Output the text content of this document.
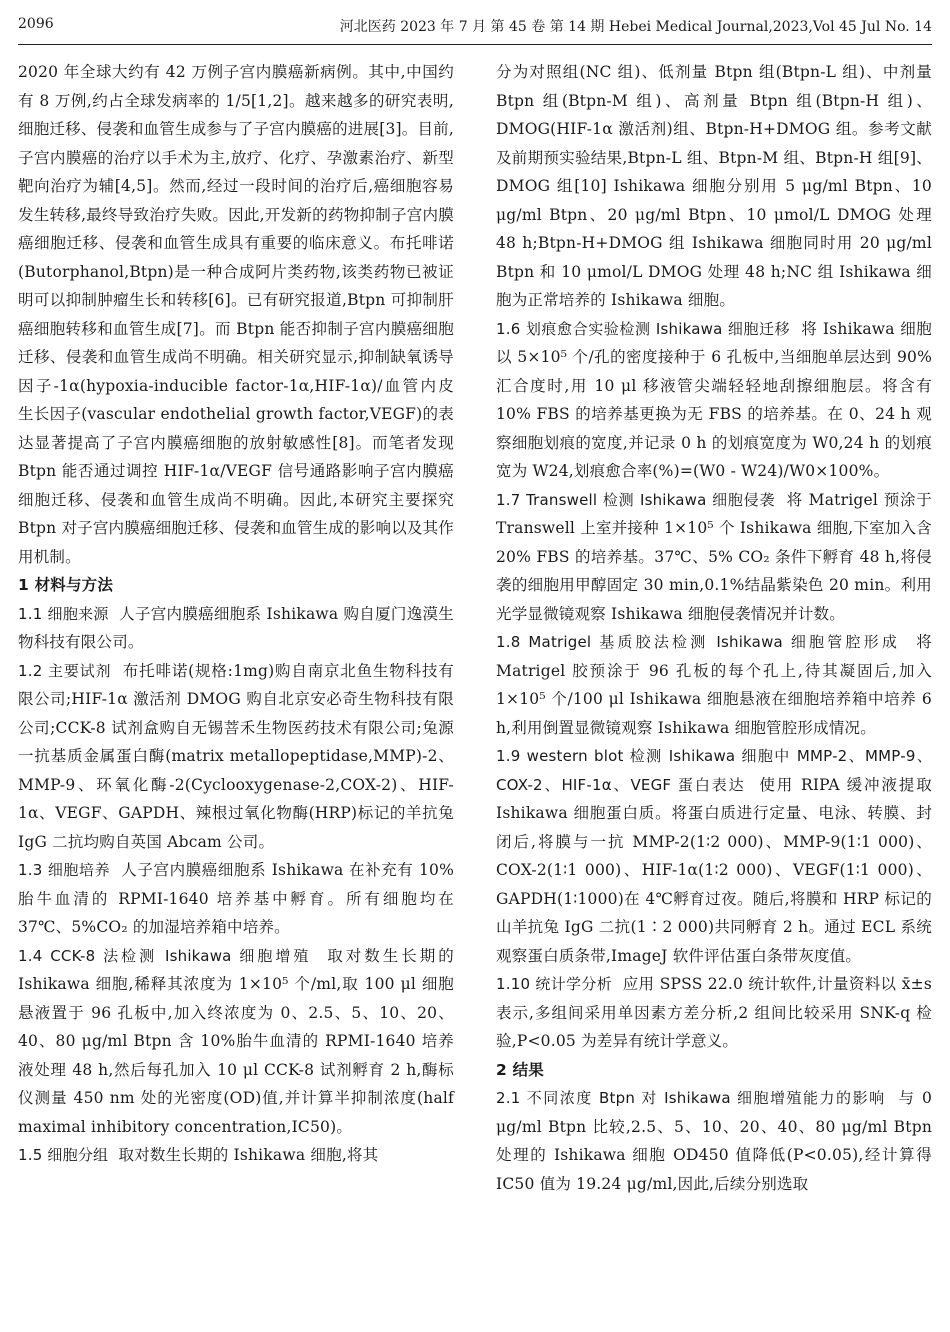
2096	河北医药 2023 年 7 月 第 45 卷 第 14 期 Hebei Medical Journal,2023,Vol 45 Jul No. 14

2020 年全球大约有 42 万例子宫内膜癌新病例。其中,中国约有 8 万例,约占全球发病率的 1/5[1,2]。越来越多的研究表明,细胞迁移、侵袭和血管生成参与了子宫内膜癌的进展[3]。目前,子宫内膜癌的治疗以手术为主,放疗、化疗、孕激素治疗、新型靶向治疗为辅[4,5]。然而,经过一段时间的治疗后,癌细胞容易发生转移,最终导致治疗失败。因此,开发新的药物抑制子宫内膜癌细胞迁移、侵袭和血管生成具有重要的临床意义。布托啡诺(Butorphanol,Btpn)是一种合成阿片类药物,该类药物已被证明可以抑制肿瘤生长和转移[6]。已有研究报道,Btpn 可抑制肝癌细胞转移和血管生成[7]。而 Btpn 能否抑制子宫内膜癌细胞迁移、侵袭和血管生成尚不明确。相关研究显示,抑制缺氧诱导因子-1α(hypoxia-inducible factor-1α,HIF-1α)/血管内皮生长因子(vascular endothelial growth factor,VEGF)的表达显著提高了子宫内膜癌细胞的放射敏感性[8]。而笔者发现 Btpn 能否通过调控 HIF-1α/VEGF 信号通路影响子宫内膜癌细胞迁移、侵袭和血管生成尚不明确。因此,本研究主要探究 Btpn 对子宫内膜癌细胞迁移、侵袭和血管生成的影响以及其作用机制。

1 材料与方法

1.1 细胞来源 人子宫内膜癌细胞系 Ishikawa 购自厦门逸漠生物科技有限公司。

1.2 主要试剂 布托啡诺(规格:1mg)购自南京北鱼生物科技有限公司;HIF-1α 激活剂 DMOG 购自北京安必奇生物科技有限公司;CCK-8 试剂盒购自无锡菩禾生物医药技术有限公司;兔源一抗基质金属蛋白酶(matrix metallopeptidase,MMP)-2、MMP-9、环氧化酶-2(Cyclooxygenase-2,COX-2)、HIF-1α、VEGF、GAPDH、辣根过氧化物酶(HRP)标记的羊抗兔 IgG 二抗均购自英国 Abcam 公司。

1.3 细胞培养 人子宫内膜癌细胞系 Ishikawa 在补充有 10%胎牛血清的 RPMI-1640 培养基中孵育。所有细胞均在 37℃、5%CO₂ 的加湿培养箱中培养。

1.4 CCK-8 法检测 Ishikawa 细胞增殖 取对数生长期的 Ishikawa 细胞,稀释其浓度为 1×10⁵ 个/ml,取 100 μl 细胞悬液置于 96 孔板中,加入终浓度为 0、2.5、5、10、20、40、80 μg/ml Btpn 含 10%胎牛血清的 RPMI-1640 培养液处理 48 h,然后每孔加入 10 μl CCK-8 试剂孵育 2 h,酶标仪测量 450 nm 处的光密度(OD)值,并计算半抑制浓度(half maximal inhibitory concentration,IC50)。

1.5 细胞分组 取对数生长期的 Ishikawa 细胞,将其

分为对照组(NC 组)、低剂量 Btpn 组(Btpn-L 组)、中剂量 Btpn 组(Btpn-M 组)、高剂量 Btpn 组(Btpn-H 组)、DMOG(HIF-1α 激活剂)组、Btpn-H+DMOG 组。参考文献及前期预实验结果,Btpn-L 组、Btpn-M 组、Btpn-H 组[9]、DMOG 组[10] Ishikawa 细胞分别用 5 μg/ml Btpn、10 μg/ml Btpn、20 μg/ml Btpn、10 μmol/L DMOG 处理 48 h;Btpn-H+DMOG 组 Ishikawa 细胞同时用 20 μg/ml Btpn 和 10 μmol/L DMOG 处理 48 h;NC 组 Ishikawa 细胞为正常培养的 Ishikawa 细胞。

1.6 划痕愈合实验检测 Ishikawa 细胞迁移 将 Ishikawa 细胞以 5×10⁵ 个/孔的密度接种于 6 孔板中,当细胞单层达到 90%汇合度时,用 10 μl 移液管尖端轻轻地刮擦细胞层。将含有 10% FBS 的培养基更换为无 FBS 的培养基。在 0、24 h 观察细胞划痕的宽度,并记录 0 h 的划痕宽度为 W0,24 h 的划痕宽为 W24,划痕愈合率(%)=(W0 - W24)/W0×100%。

1.7 Transwell 检测 Ishikawa 细胞侵袭 将 Matrigel 预涂于 Transwell 上室并接种 1×10⁵ 个 Ishikawa 细胞,下室加入含 20% FBS 的培养基。37℃、5% CO₂ 条件下孵育 48 h,将侵袭的细胞用甲醇固定 30 min,0.1%结晶紫染色 20 min。利用光学显微镜观察 Ishikawa 细胞侵袭情况并计数。

1.8 Matrigel 基质胶法检测 Ishikawa 细胞管腔形成 将 Matrigel 胶预涂于 96 孔板的每个孔上,待其凝固后,加入 1×10⁵ 个/100 μl Ishikawa 细胞悬液在细胞培养箱中培养 6 h,利用倒置显微镜观察 Ishikawa 细胞管腔形成情况。

1.9 western blot 检测 Ishikawa 细胞中 MMP-2、MMP-9、COX-2、HIF-1α、VEGF 蛋白表达 使用 RIPA 缓冲液提取 Ishikawa 细胞蛋白质。将蛋白质进行定量、电泳、转膜、封闭后,将膜与一抗 MMP-2(1∶2 000)、MMP-9(1∶1 000)、COX-2(1∶1 000)、HIF-1α(1∶2 000)、VEGF(1∶1 000)、GAPDH(1∶1000)在 4℃孵育过夜。随后,将膜和 HRP 标记的山羊抗兔 IgG 二抗(1∶2 000)共同孵育 2 h。通过 ECL 系统观察蛋白质条带,ImageJ 软件评估蛋白条带灰度值。

1.10 统计学分析 应用 SPSS 22.0 统计软件,计量资料以 x̄±s 表示,多组间采用单因素方差分析,2 组间比较采用 SNK-q 检验,P<0.05 为差异有统计学意义。

2 结果

2.1 不同浓度 Btpn 对 Ishikawa 细胞增殖能力的影响 与 0 μg/ml Btpn 比较,2.5、5、10、20、40、80 μg/ml Btpn 处理的 Ishikawa 细胞 OD450 值降低(P<0.05),经计算得 IC50 值为 19.24 μg/ml,因此,后续分别选取
